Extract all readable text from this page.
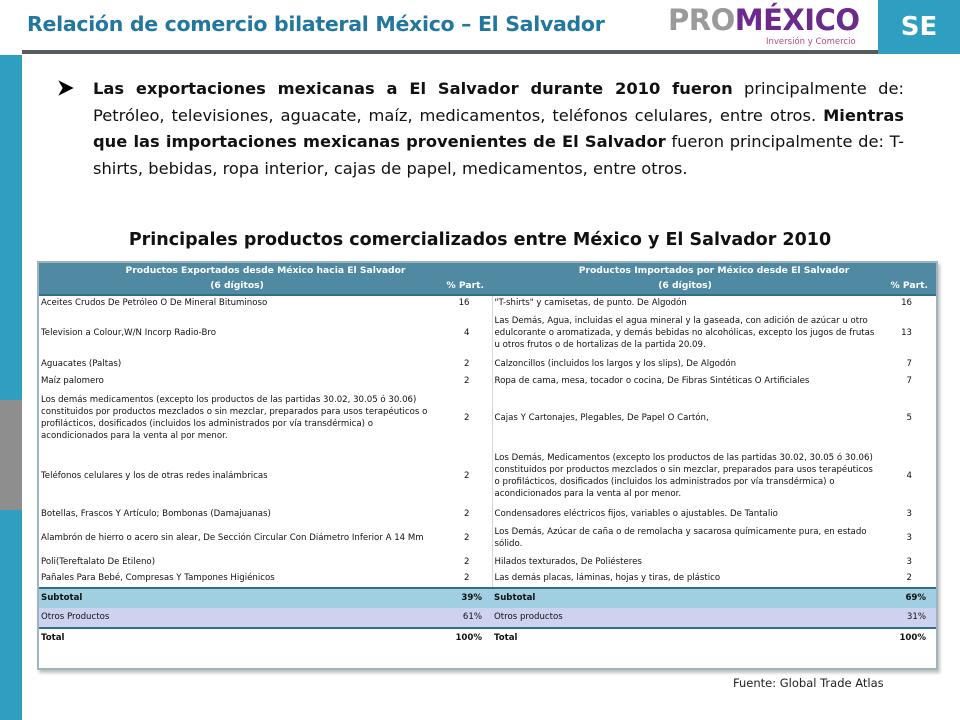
Relación de comercio bilateral México – El Salvador PROMÉXICO
Inversión y Comercio	SE

Las exportaciones mexicanas a El Salvador durante 2010 fueron principalmente de: Petróleo, televisiones, aguacate, maíz, medicamentos, teléfonos celulares, entre otros. Mientras que las importaciones mexicanas provenientes de El Salvador fueron principalmente de: T-shirts, bebidas, ropa interior, cajas de papel, medicamentos, entre otros.

Principales productos comercializados entre México y El Salvador 2010
Productos Exportados desde México hacia El Salvador		Productos Importados por México desde El Salvador	
(6 dígitos)	% Part.	(6 dígitos)	% Part.
Aceites Crudos De Petróleo O De Mineral Bituminoso	16	"T-shirts" y camisetas, de punto. De Algodón	16
Television a Colour,W/N Incorp Radio-Bro	4	Las Demás, Agua, incluidas el agua mineral y la gaseada, con adición de azúcar u otro edulcorante o aromatizada, y demás bebidas no alcohólicas, excepto los jugos de frutas u otros frutos o de hortalizas de la partida 20.09.	13
Aguacates (Paltas)	2	Calzoncillos (incluidos los largos y los slips), De Algodón	7
Maíz palomero	2	Ropa de cama, mesa, tocador o cocina, De Fibras Sintéticas O Artificiales	7
Los demás medicamentos (excepto los productos de las partidas 30.02, 30.05 ó 30.06) constituidos por productos mezclados o sin mezclar, preparados para usos terapéuticos o profilácticos, dosificados (incluidos los administrados por vía transdérmica) o acondicionados para la venta al por menor.	2	Cajas Y Cartonajes, Plegables, De Papel O Cartón,	5
Teléfonos celulares y los de otras redes inalámbricas	2	Los Demás, Medicamentos (excepto los productos de las partidas 30.02, 30.05 ó 30.06) constituidos por productos mezclados o sin mezclar, preparados para usos terapéuticos o profilácticos, dosificados (incluidos los administrados por vía transdérmica) o acondicionados para la venta al por menor.	4
Botellas, Frascos Y Artículo; Bombonas (Damajuanas)	2	Condensadores eléctricos fijos, variables o ajustables. De Tantalio	3
Alambrón de hierro o acero sin alear, De Sección Circular Con Diámetro Inferior A 14 Mm	2	Los Demás, Azúcar de caña o de remolacha y sacarosa químicamente pura, en estado sólido.	3
Poli(Tereftalato De Etileno)	2	Hilados texturados, De Poliésteres	3
Pañales Para Bebé, Compresas Y Tampones Higiénicos	2	Las demás placas, láminas, hojas y tiras, de plástico	2
Subtotal	39%	Subtotal	69%
Otros Productos	61%	Otros productos	31%
Total	100%	Total	100%
Fuente: Global Trade Atlas
